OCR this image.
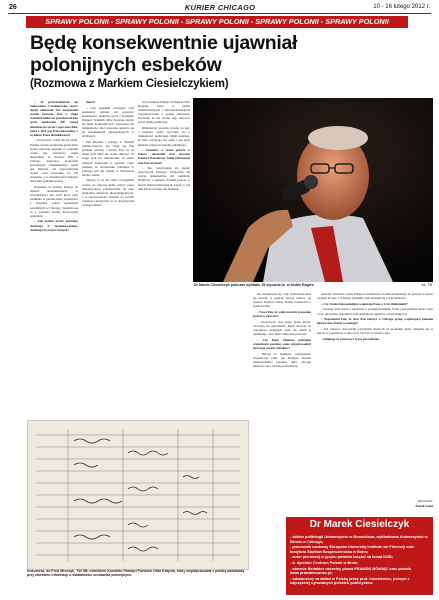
26	KURIER CHICAGO	10 - 16 lutego 2012 r.
SPRAWY POLONII - SPRAWY POLONII - SPRAWY POLONII - SPRAWY POLONII - SPRAWY POLONII
Będę konsekwentnie ujawniał polonijnych esbeków
(Rozmowa z Markiem Ciesielczykiem)
Dr Marek Ciesielczyk podczas wykładu 29 stycznia br. w klubie Eagles	fot. TB

– W przeciwieństwie do Stanowiska Czuchnowska, który dotąd odmawiał bez nawiązania swoich nazwisk, Pan w ciągu ostatnich kilku lat przedstawił Pan spore konkretne lub raczej dotarłem do sprawy tego nazwiska, które z nich jest Pan zadowolony z wyników Pana dociekliwości?

– Oczywiście, wiele mi się udało. Polskie zasady przejrzane przez mnie teczki esbeckie ukazane w ostatnim czasie bez zwłaszcza wielu materiałów ze zbiorów IPN z Chicago dotyczące środowisk polonijnych. Dokumentacja nadal jest mizerna, ale wprowadzenie wokół osób pozwoliło na ich ustalenie, a w konsekwencji niektóre nazwiska opublikowałem.

Nazwiska te budziły emocje na łamach dziennikarskich, w szczególności dla osób które były uwikłane w peerelowską współpracę z bezpieką wokół organizacji polonijnych w Chicago. Spotkało się to z wieloma bardzo nerwowymi reakcjami.

– Jak można uczcić kontakty Andrzeja T. Jarmakowskiego, Andrzeja Styczyna i innych?

dzieci?

– Gdy opisałem szczegóły tych kontaktów zaczęły się pojawiać komentarze: niektóre osoby z Komitetu Pamięci Polskich Ofiar Katynia starały się mnie dyskredytować. Zarzucano mi manipulację, choć wszystko opierało się na dokumentach zgromadzonych w archiwach.

Pan mieszka i pracuje w Stanach Zjednoczonych, ale czuje się Pan polskim patriotą i uważa Pan, że na temat tych ludzi nie wolno milczeć. W ciągu tych lat wielokrotnie do wielu różnych środowisk w sprawie czasu pisałem, że środowisko polonijne w Chicago jest dla władzy w Warszawie bardzo ważne.

Sprawy te są dla mnie szczególnie ważne, bo dotyczą ludzi, którzy przez dziesięciolecia przedstawiali się jako niezłomni działacze niepodległościowi, a w rzeczywistości donosili na swoich rodaków i przyjaciół, za co otrzymywali wynagrodzenie.

czy Komitetu Pamięci Polskich Ofiar Katynia, które w latach osiemdziesiątych i dziewięćdziesiątych współpracowało z polską ambasadą. Uważam, że nie wolno tego ukrywać przed opinią publiczną.

Kilkanaście nazwisk wyszło na jaw, a niektóre osoby wycofały się z działalności publicznej. Mam nadzieję, że inne przyznają się same i nie będą musiały czekać na kolejne publikacje.

– Ostatnio, w czasie pobytu w Polsce, odwiedził Pan Instytut Pamięci Narodowej. Jakie informacje tam Pan uzyskał?

– Tak, przyjrzałem się aktom dotyczącym Chicago. Zachowało się więcej dokumentów niż sądziłem. Niektórzy z agentów działali jeszcze w latach dziewięćdziesiątych, kiedy to już nikt ich do niczego nie zmuszał.

nie zastanowili się. Gdy tymczasem ktoś się ujawni, w gruncie rzeczy kończy się sprawa. Dopiero wtedy można rozmawiać o przebaczeniu.

– Nowi Pan, że wiele nazwisk pozostało jeszcze w ukryciu?

– Oczywiście. Jest wielu ludzi, którzy obawiają się ujawnienia. Mam dowody na współpracę kolejnych osób, ale zanim je opublikuję, chcę mieć całkowitą pewność.

– Czy Pana zdaniem polonijne organizacje powinny same przeprowadzić lustrację swoich członków?

– Byłoby to najlepsze rozwiązanie. Organizacje takie jak Kongres Polonii Amerykańskiej powinny mieć odwagę zmierzyć się z własną przeszłością.

możemy budować wolną Polskę na kłamstwie. Jestem przekonany, że prawda w końcu wyjdzie na jaw, a ci którzy zdradzili, będą musieli się z tym zmierzyć.

– Czy środowiska polonijne wspierają Pana w tych działaniach?

– Dostaję wiele listów i telefonów z podziękowaniami. Wiele osób pamięta tamte czasy i wie, jak bardzo szkodliwa była działalność agentury wśród emigracji.

– Wspomniał Pan, że chce Pan założyć w Chicago grupę wspierającą badania historyczne. Kiedy to nastąpi?

– Już wkrótce. Zapraszam wszystkich chętnych na spotkanie, które odbędzie się w marcu w Copernicus Center przy 5216 W. Lawrence Ave.

– Dziękuję za rozmowę i życzę powodzenia.

Rozmawiał:
Marek Sobol
Dokument, do Piotr Mroczyk, TW SB, członkiem Komitetu Pamięci Polskich Ofiar Katynia, który współpracował z polską ambasadą przy zbieraniu informacji o działalności środowisk polonijnych.
Dr Marek Ciesielczyk

- doktor politologii Uniwersytetu w Monachium, wykładowca Uniwersytetu w Illinois w Chicago;

- pracownik naukowy European University Institute we Florencji oraz Instytutu Studiów Bezpieczeństwa w Bonn;

- autor pierwszej w języku polskim książki na temat KGB;

- b. dyrektor Centrum Polonii w Brnie;

- obecnie Redaktor naczelny pisma PRAWDĘ MÓWIĄC oraz portalu www.prawdemowiac.pl;

- odznaczony za wkład w Polskę przez prof. Łaszkiewicz, jednym z najczęściej cytowanych polskich publicystów.
